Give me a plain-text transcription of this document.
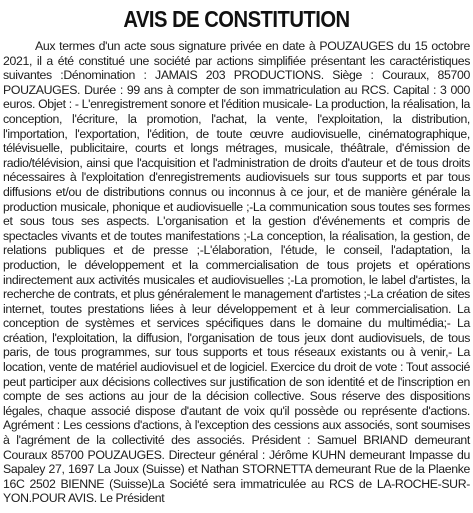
AVIS DE CONSTITUTION

Aux termes d'un acte sous signature privée en date à POUZAUGES du 15 octobre 2021, il a été constitué une société par actions simplifiée présentant les caractéristiques suivantes :Dénomination : JAMAIS 203 PRODUCTIONS. Siège : Couraux, 85700 POUZAUGES. Durée : 99 ans à compter de son immatriculation au RCS. Capital : 3 000 euros. Objet : - L'enregistrement sonore et l'édition musicale- La production, la réalisation, la conception, l'écriture, la promotion, l'achat, la vente, l'exploitation, la distribution, l'importation, l'exportation, l'édition, de toute œuvre audiovisuelle, cinématographique, télévisuelle, publicitaire, courts et longs métrages, musicale, théâtrale, d'émission de radio/télévision, ainsi que l'acquisition et l'administration de droits d'auteur et de tous droits nécessaires à l'exploitation d'enregistrements audiovisuels sur tous supports et par tous diffusions et/ou de distributions connus ou inconnus à ce jour, et de manière générale la production musicale, phonique et audiovisuelle ;-La communication sous toutes ses formes et sous tous ses aspects. L'organisation et la gestion d'événements et compris de spectacles vivants et de toutes manifestations ;-La conception, la réalisation, la gestion, de relations publiques et de presse ;-L'élaboration, l'étude, le conseil, l'adaptation, la production, le développement et la commercialisation de tous projets et opérations indirectement aux activités musicales et audiovisuelles ;-La promotion, le label d'artistes, la recherche de contrats, et plus généralement le management d'artistes ;-La création de sites internet, toutes prestations liées à leur développement et à leur commercialisation. La conception de systèmes et services spécifiques dans le domaine du multimédia;- La création, l'exploitation, la diffusion, l'organisation de tous jeux dont audiovisuels, de tous paris, de tous programmes, sur tous supports et tous réseaux existants ou à venir,- La location, vente de matériel audiovisuel et de logiciel. Exercice du droit de vote : Tout associé peut participer aux décisions collectives sur justification de son identité et de l'inscription en compte de ses actions au jour de la décision collective. Sous réserve des dispositions légales, chaque associé dispose d'autant de voix qu'il possède ou représente d'actions. Agrément : Les cessions d'actions, à l'exception des cessions aux associés, sont soumises à l'agrément de la collectivité des associés. Président : Samuel BRIAND demeurant Couraux 85700 POUZAUGES. Directeur général : Jérôme KUHN demeurant Impasse du Sapaley 27, 1697 La Joux (Suisse) et Nathan STORNETTA demeurant Rue de la Plaenke 16C 2502 BIENNE (Suisse)La Société sera immatriculée au RCS de LA-ROCHE-SUR-YON.POUR AVIS. Le Président
